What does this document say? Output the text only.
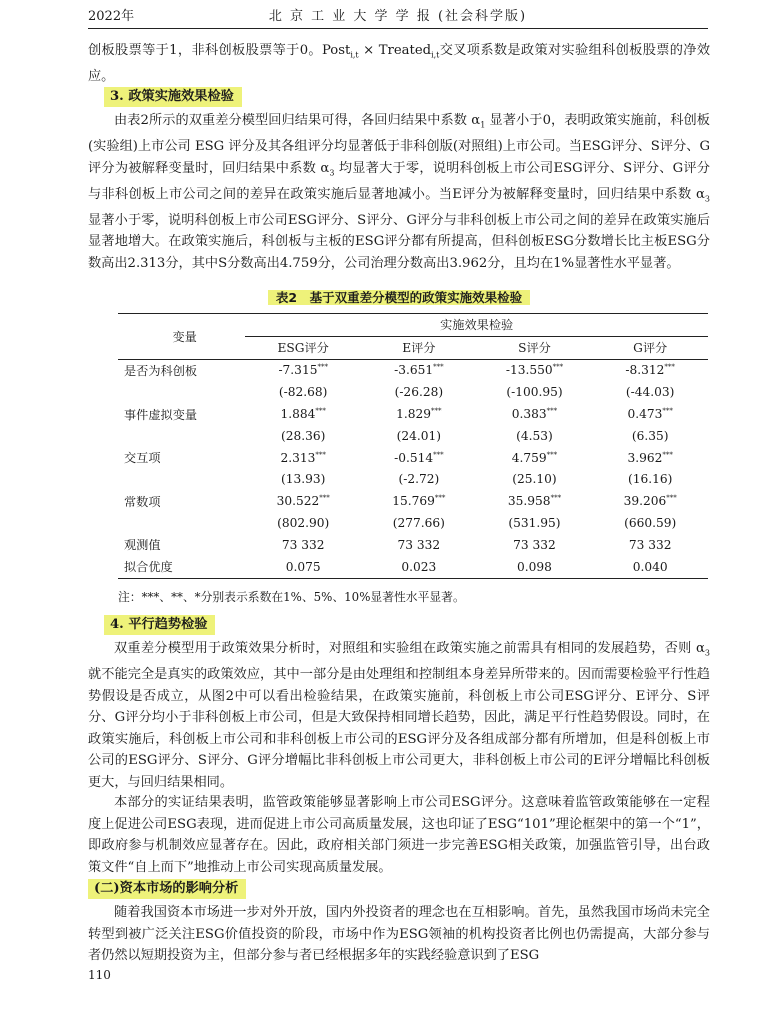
2022年	北 京 工 业 大 学 学 报 (社会科学版)

创板股票等于1，非科创板股票等于0。Post$_{i,t}$ × Treated$_{i,t}$交叉项系数是政策对实验组科创板股票的净效应。

3. 政策实施效果检验

由表2所示的双重差分模型回归结果可得，各回归结果中系数 $\alpha_1$ 显著小于0，表明政策实施前，科创板(实验组)上市公司 ESG 评分及其各组评分均显著低于非科创版(对照组)上市公司。当ESG评分、S评分、G评分为被解释变量时，回归结果中系数 $\alpha_3$ 均显著大于零，说明科创板上市公司ESG评分、S评分、G评分与非科创板上市公司之间的差异在政策实施后显著地减小。当E评分为被解释变量时，回归结果中系数 $\alpha_3$ 显著小于零，说明科创板上市公司ESG评分、S评分、G评分与非科创板上市公司之间的差异在政策实施后显著地增大。在政策实施后，科创板与主板的ESG评分都有所提高，但科创板ESG分数增长比主板ESG分数高出2.313分，其中S分数高出4.759分，公司治理分数高出3.962分，且均在1%显著性水平显著。

表2　基于双重差分模型的政策实施效果检验
变量	实施效果检验			
	ESG评分	E评分	S评分	G评分
是否为科创板	-7.315***	-3.651***	-13.550***	-8.312***
	(-82.68)	(-26.28)	(-100.95)	(-44.03)
事件虚拟变量	1.884***	1.829***	0.383***	0.473***
	(28.36)	(24.01)	(4.53)	(6.35)
交互项	2.313***	-0.514***	4.759***	3.962***
	(13.93)	(-2.72)	(25.10)	(16.16)
常数项	30.522***	15.769***	35.958***	39.206***
	(802.90)	(277.66)	(531.95)	(660.59)
观测值	73 332	73 332	73 332	73 332
拟合优度	0.075	0.023	0.098	0.040
注：***、**、*分别表示系数在1%、5%、10%显著性水平显著。
4. 平行趋势检验

双重差分模型用于政策效果分析时，对照组和实验组在政策实施之前需具有相同的发展趋势，否则 $\alpha_3$ 就不能完全是真实的政策效应，其中一部分是由处理组和控制组本身差异所带来的。因而需要检验平行性趋势假设是否成立，从图2中可以看出检验结果，在政策实施前，科创板上市公司ESG评分、E评分、S评分、G评分均小于非科创板上市公司，但是大致保持相同增长趋势，因此，满足平行性趋势假设。同时，在政策实施后，科创板上市公司和非科创板上市公司的ESG评分及各组成部分都有所增加，但是科创板上市公司的ESG评分、S评分、G评分增幅比非科创板上市公司更大，非科创板上市公司的E评分增幅比科创板更大，与回归结果相同。

本部分的实证结果表明，监管政策能够显著影响上市公司ESG评分。这意味着监管政策能够在一定程度上促进公司ESG表现，进而促进上市公司高质量发展，这也印证了ESG“101”理论框架中的第一个“1”，即政府参与机制效应显著存在。因此，政府相关部门须进一步完善ESG相关政策，加强监管引导，出台政策文件“自上而下”地推动上市公司实现高质量发展。

(二)资本市场的影响分析

随着我国资本市场进一步对外开放，国内外投资者的理念也在互相影响。首先，虽然我国市场尚未完全转型到被广泛关注ESG价值投资的阶段，市场中作为ESG领袖的机构投资者比例也仍需提高，大部分参与者仍然以短期投资为主，但部分参与者已经根据多年的实践经验意识到了ESG

110
